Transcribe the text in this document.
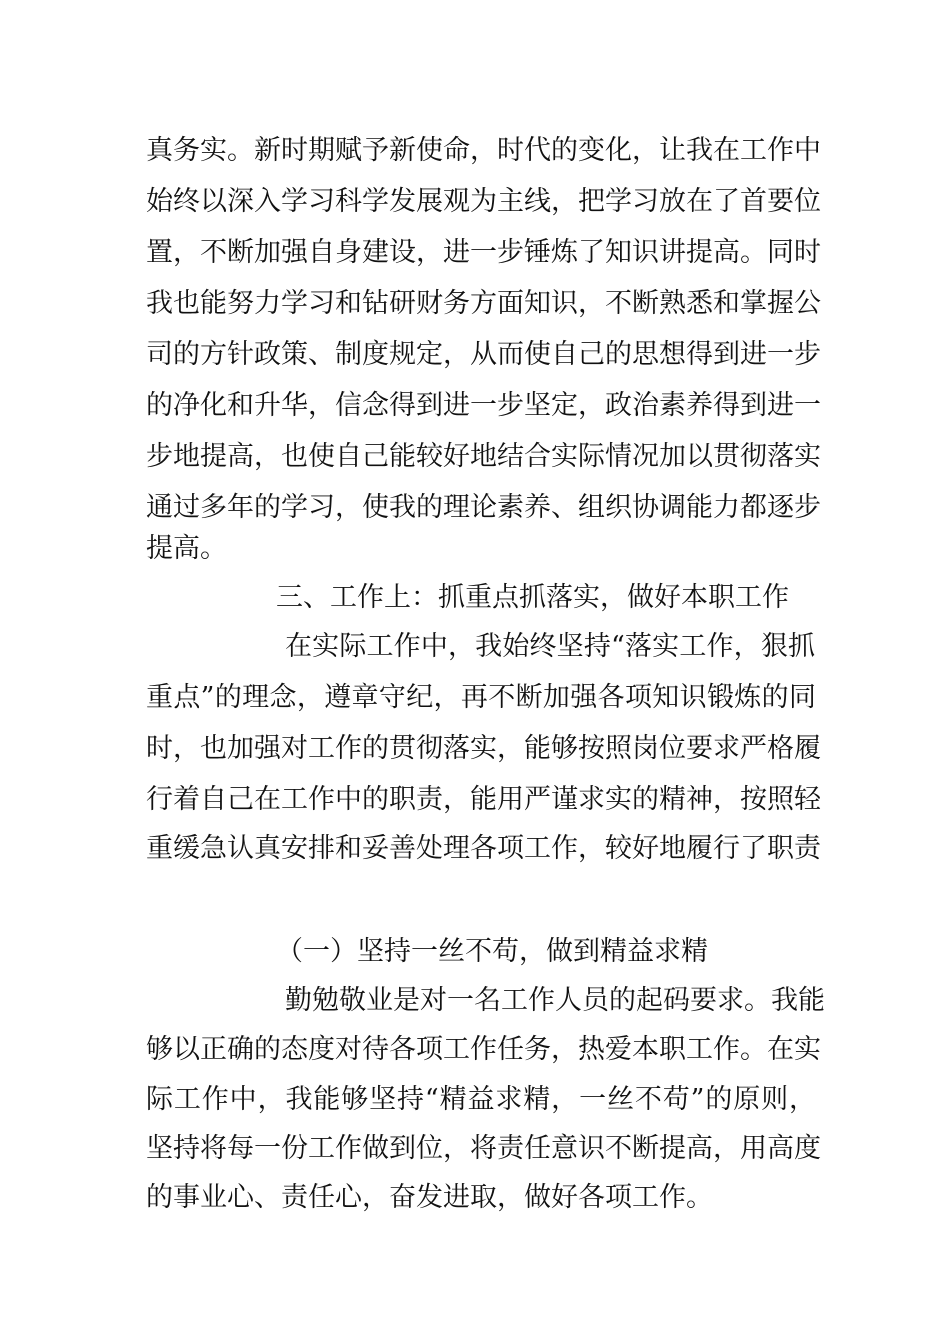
真务实。新时期赋予新使命，时代的变化，让我在工作中
始终以深入学习科学发展观为主线，把学习放在了首要位
置，不断加强自身建设，进一步锤炼了知识讲提高。同时
我也能努力学习和钻研财务方面知识，不断熟悉和掌握公
司的方针政策、制度规定，从而使自己的思想得到进一步
的净化和升华，信念得到进一步坚定，政治素养得到进一
步地提高，也使自己能较好地结合实际情况加以贯彻落实
通过多年的学习，使我的理论素养、组织协调能力都逐步
提高。
三、工作上：抓重点抓落实，做好本职工作
在实际工作中，我始终坚持“落实工作，狠抓
重点”的理念，遵章守纪，再不断加强各项知识锻炼的同
时，也加强对工作的贯彻落实，能够按照岗位要求严格履
行着自己在工作中的职责，能用严谨求实的精神，按照轻
重缓急认真安排和妥善处理各项工作，较好地履行了职责
（一）坚持一丝不苟，做到精益求精
勤勉敬业是对一名工作人员的起码要求。我能
够以正确的态度对待各项工作任务，热爱本职工作。在实
际工作中，我能够坚持“精益求精，一丝不苟”的原则，
坚持将每一份工作做到位，将责任意识不断提高，用高度
的事业心、责任心，奋发进取，做好各项工作。
